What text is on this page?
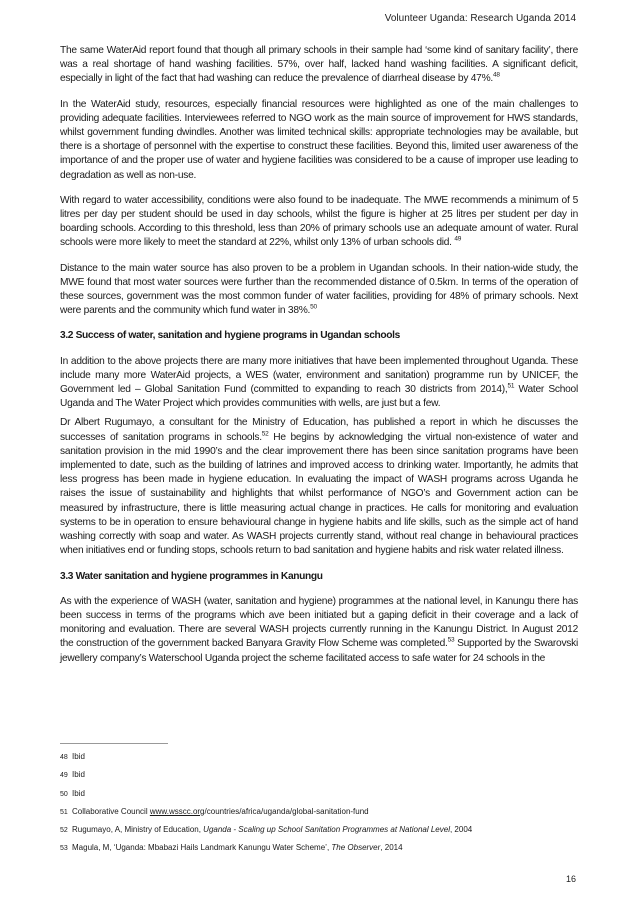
Volunteer Uganda: Research Uganda 2014

The same WaterAid report found that though all primary schools in their sample had ‘some kind of sanitary facility’, there was a real shortage of hand washing facilities. 57%, over half, lacked hand washing facilities. A significant deficit, especially in light of the fact that had washing can reduce the prevalence of diarrheal disease by 47%.$^{48}$

In the WaterAid study, resources, especially financial resources were highlighted as one of the main challenges to providing adequate facilities. Interviewees referred to NGO work as the main source of improvement for HWS standards, whilst government funding dwindles. Another was limited technical skills: appropriate technologies may be available, but there is a shortage of personnel with the expertise to construct these facilities. Beyond this, limited user awareness of the importance of and the proper use of water and hygiene facilities was considered to be a cause of improper use leading to degradation as well as non-use.

With regard to water accessibility, conditions were also found to be inadequate. The MWE recommends a minimum of 5 litres per day per student should be used in day schools, whilst the figure is higher at 25 litres per student per day in boarding schools. According to this threshold, less than 20% of primary schools use an adequate amount of water. Rural schools were more likely to meet the standard at 22%, whilst only 13% of urban schools did. $^{49}$

Distance to the main water source has also proven to be a problem in Ugandan schools. In their nation-wide study, the MWE found that most water sources were further than the recommended distance of 0.5km. In terms of the operation of these sources, government was the most common funder of water facilities, providing for 48% of primary schools. Next were parents and the community which fund water in 38%.$^{50}$

3.2 Success of water, sanitation and hygiene programs in Ugandan schools

In addition to the above projects there are many more initiatives that have been implemented throughout Uganda. These include many more WaterAid projects, a WES (water, environment and sanitation) programme run by UNICEF, the Government led – Global Sanitation Fund (committed to expanding to reach 30 districts from 2014),$^{51}$ Water School Uganda and The Water Project which provides communities with wells, are just but a few.

Dr Albert Rugumayo, a consultant for the Ministry of Education, has published a report in which he discusses the successes of sanitation programs in schools.$^{52}$ He begins by acknowledging the virtual non-existence of water and sanitation provision in the mid 1990’s and the clear improvement there has been since sanitation programs have been implemented to date, such as the building of latrines and improved access to drinking water. Importantly, he admits that less progress has been made in hygiene education. In evaluating the impact of WASH programs across Uganda he raises the issue of sustainability and highlights that whilst performance of NGO’s and Government action can be measured by infrastructure, there is little measuring actual change in practices. He calls for monitoring and evaluation systems to be in operation to ensure behavioural change in hygiene habits and life skills, such as the simple act of hand washing correctly with soap and water. As WASH projects currently stand, without real change in behavioural practices when initiatives end or funding stops, schools return to bad sanitation and hygiene habits and risk water related illness.

3.3 Water sanitation and hygiene programmes in Kanungu

As with the experience of WASH (water, sanitation and hygiene) programmes at the national level, in Kanungu there has been success in terms of the programs which ave been initiated but a gaping deficit in their coverage and a lack of monitoring and evaluation. There are several WASH projects currently running in the Kanungu District. In August 2012 the construction of the government backed Banyara Gravity Flow Scheme was completed.$^{53}$ Supported by the Swarovski jewellery company’s Waterschool Uganda project the scheme facilitated access to safe water for 24 schools in the

48 Ibid
49 Ibid
50 Ibid
51 Collaborative Council www.wsscc.org/countries/africa/uganda/global-sanitation-fund
52 Rugumayo, A, Ministry of Education, Uganda - Scaling up School Sanitation Programmes at National Level, 2004
53 Magula, M, ‘Uganda: Mbabazi Hails Landmark Kanungu Water Scheme’, The Observer, 2014
16
